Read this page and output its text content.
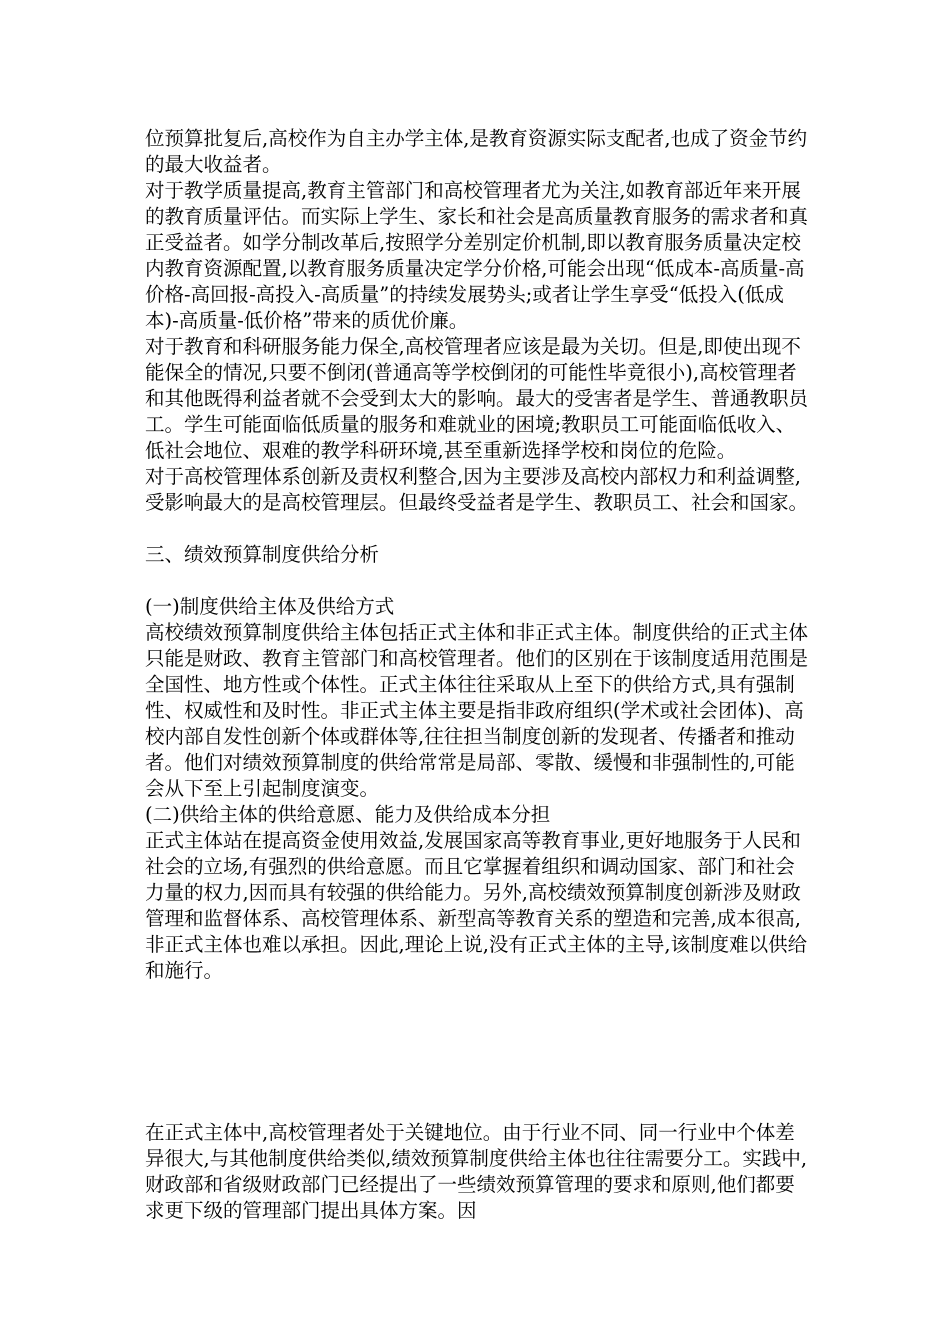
位预算批复后,高校作为自主办学主体,是教育资源实际支配者,也成了资金节约的最大收益者。

对于教学质量提高,教育主管部门和高校管理者尤为关注,如教育部近年来开展的教育质量评估。而实际上学生、家长和社会是高质量教育服务的需求者和真正受益者。如学分制改革后,按照学分差别定价机制,即以教育服务质量决定校内教育资源配置,以教育服务质量决定学分价格,可能会出现“低成本-高质量-高价格-高回报-高投入-高质量”的持续发展势头;或者让学生享受“低投入(低成本)-高质量-低价格”带来的质优价廉。

对于教育和科研服务能力保全,高校管理者应该是最为关切。但是,即使出现不能保全的情况,只要不倒闭(普通高等学校倒闭的可能性毕竟很小),高校管理者和其他既得利益者就不会受到太大的影响。最大的受害者是学生、普通教职员工。学生可能面临低质量的服务和难就业的困境;教职员工可能面临低收入、低社会地位、艰难的教学科研环境,甚至重新选择学校和岗位的危险。

对于高校管理体系创新及责权利整合,因为主要涉及高校内部权力和利益调整,受影响最大的是高校管理层。但最终受益者是学生、教职员工、社会和国家。

三、绩效预算制度供给分析

(一)制度供给主体及供给方式

高校绩效预算制度供给主体包括正式主体和非正式主体。制度供给的正式主体只能是财政、教育主管部门和高校管理者。他们的区别在于该制度适用范围是全国性、地方性或个体性。正式主体往往采取从上至下的供给方式,具有强制性、权威性和及时性。非正式主体主要是指非政府组织(学术或社会团体)、高校内部自发性创新个体或群体等,往往担当制度创新的发现者、传播者和推动者。他们对绩效预算制度的供给常常是局部、零散、缓慢和非强制性的,可能会从下至上引起制度演变。

(二)供给主体的供给意愿、能力及供给成本分担

正式主体站在提高资金使用效益,发展国家高等教育事业,更好地服务于人民和社会的立场,有强烈的供给意愿。而且它掌握着组织和调动国家、部门和社会力量的权力,因而具有较强的供给能力。另外,高校绩效预算制度创新涉及财政管理和监督体系、高校管理体系、新型高等教育关系的塑造和完善,成本很高,非正式主体也难以承担。因此,理论上说,没有正式主体的主导,该制度难以供给和施行。

在正式主体中,高校管理者处于关键地位。由于行业不同、同一行业中个体差异很大,与其他制度供给类似,绩效预算制度供给主体也往往需要分工。实践中,财政部和省级财政部门已经提出了一些绩效预算管理的要求和原则,他们都要求更下级的管理部门提出具体方案。因
